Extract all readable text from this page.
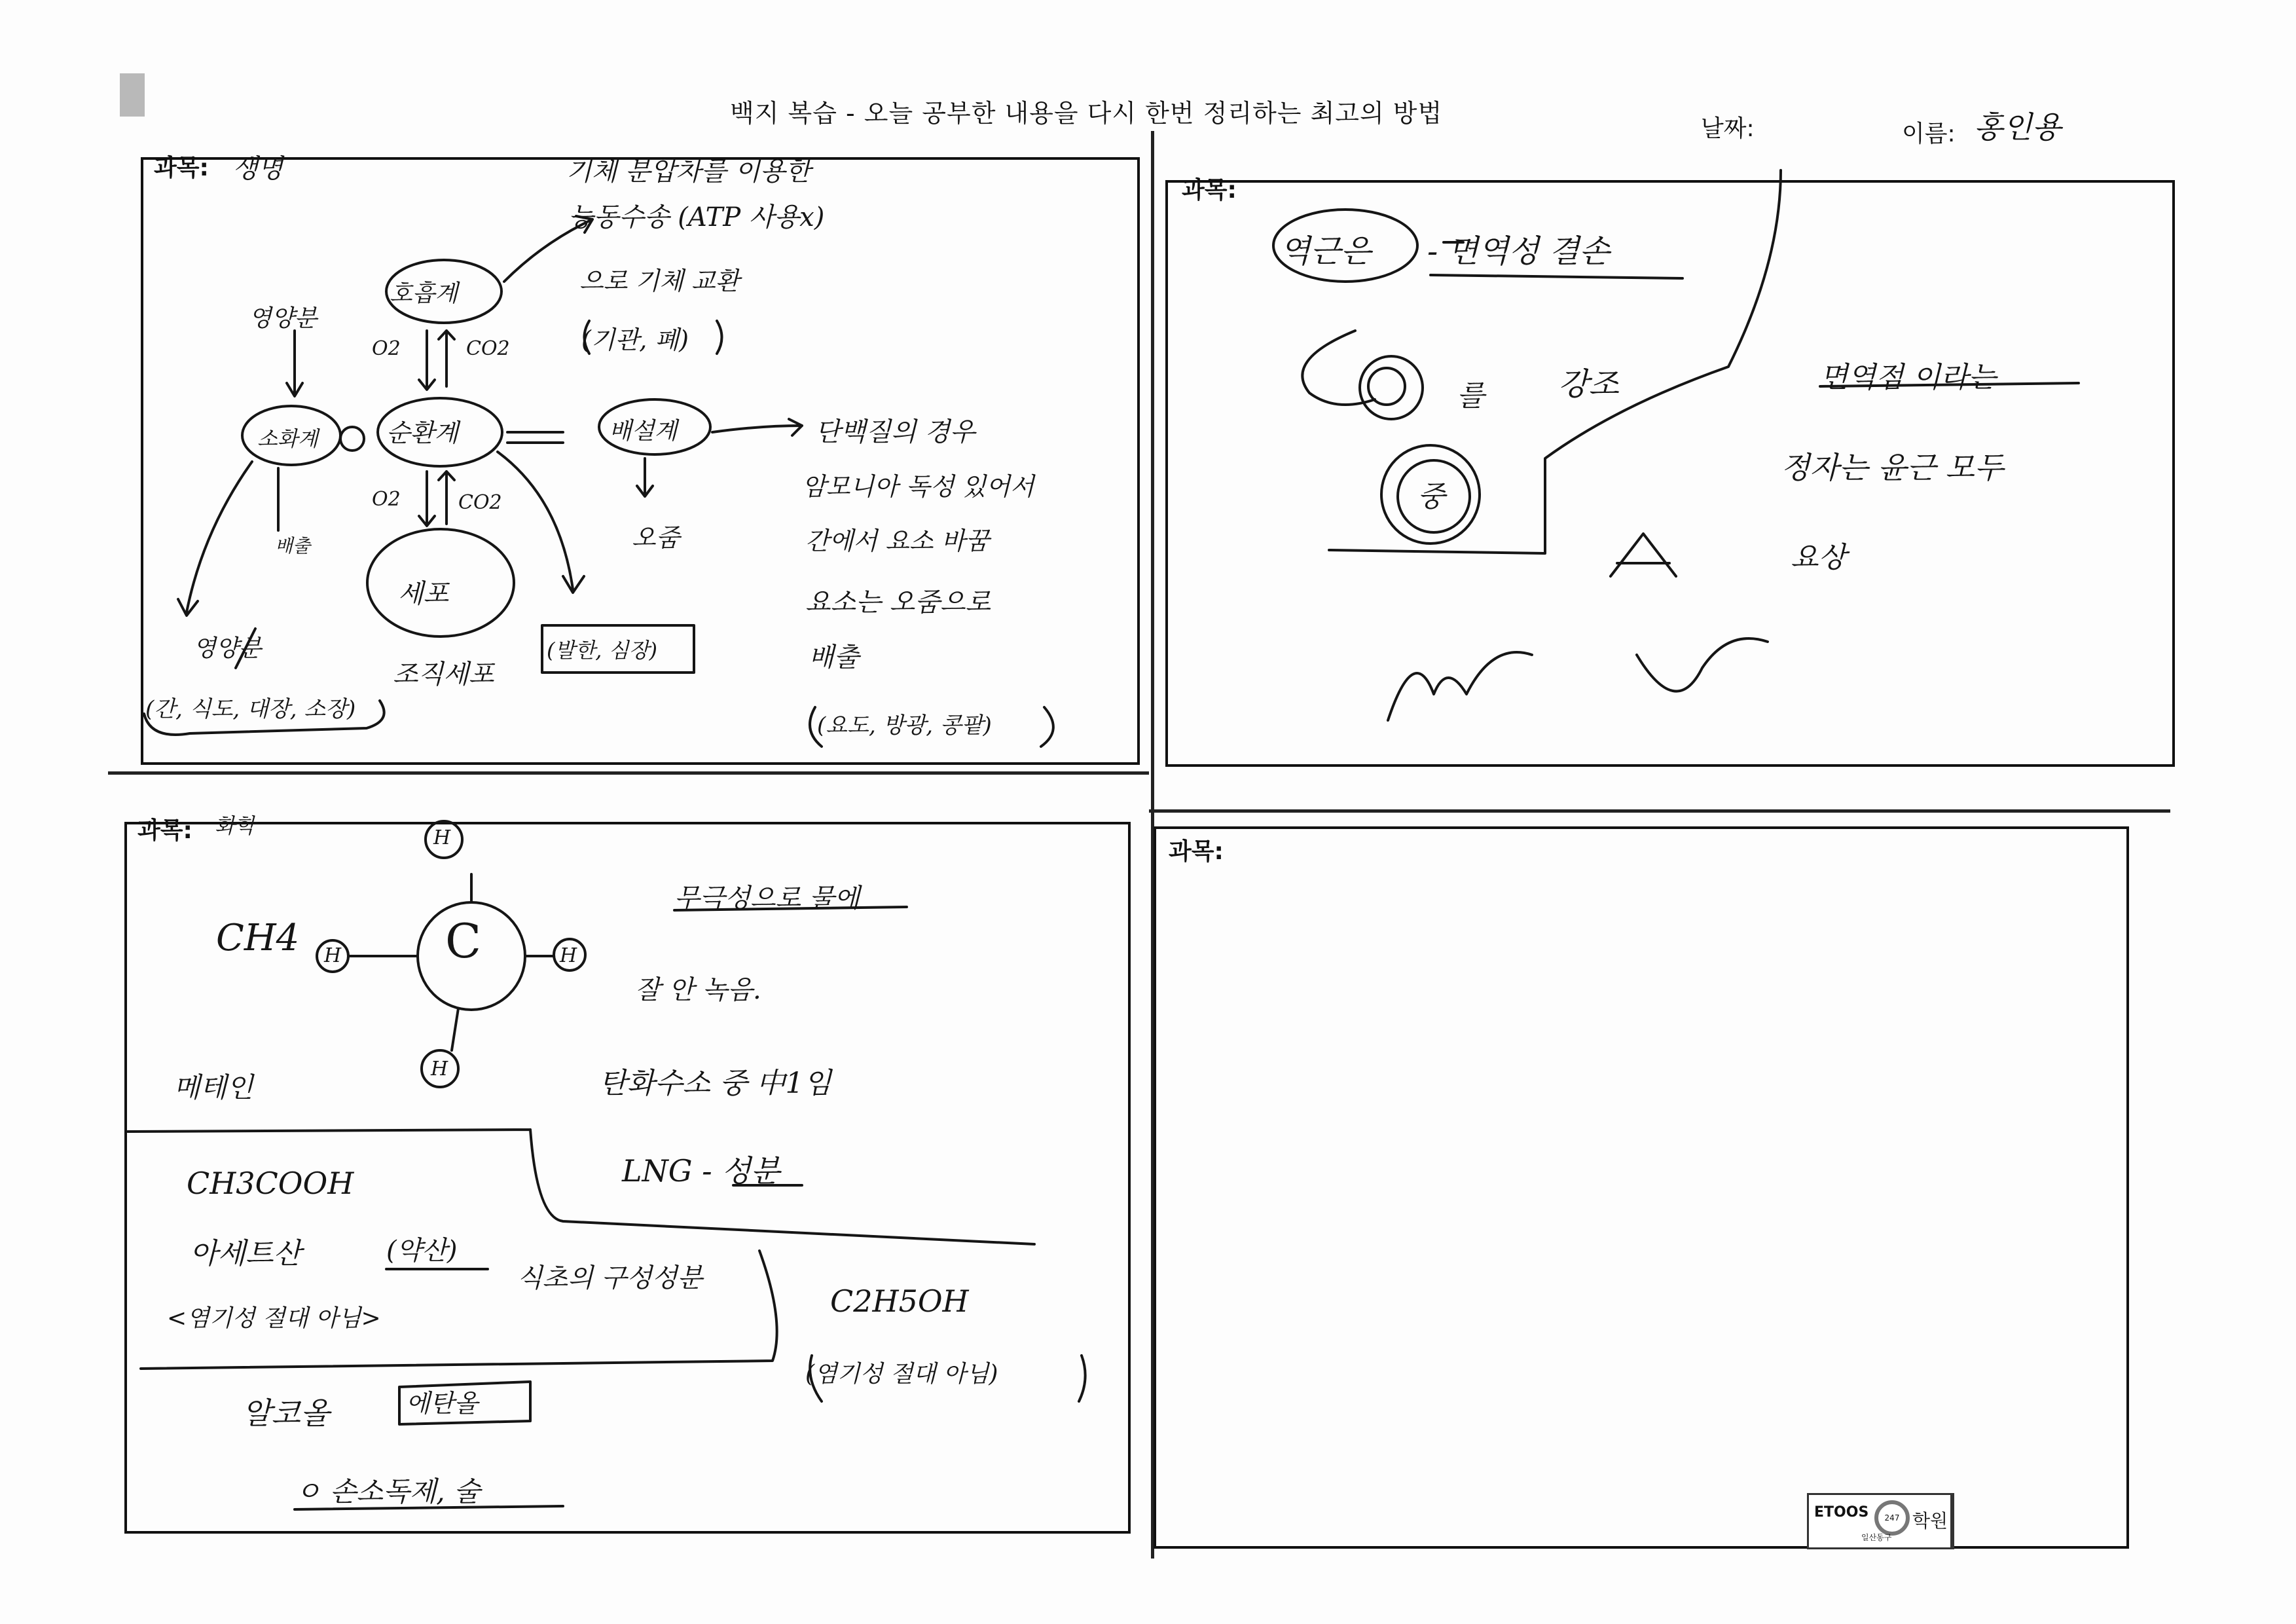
백지 복습 - 오늘 공부한 내용을 다시 한번 정리하는 최고의 방법
날짜:	이름: 홍인용
과목: 생명	기체 분압차를 이용한
능동수송 (ATP 사용x)
으로 기체 교환
(기관, 폐)
호흡계
영양분
O2	CO2
소화계	순환계	배설계	단백질의 경우
암모니아 독성 있어서
간에서 요소 바꿈
요소는 오줌으로
배출
(요도, 방광, 콩팥)
오줌
O2	CO2
세포
조직세포
(발한, 심장)
배출
영양분
(간, 식도, 대장, 소장)
과목:
역근은 - 면역성 결손
를 강조	면역점 이라는
정자는 윤근 모두
요상
중
과목: 화학
CH4	C
H
H	H
H
무극성으로 물에
잘 안 녹음.
메테인	탄화수소 중 中1임
LNG - 성분
CH3COOH
아세트산	(약산)
식초의 구성성분
<염기성 절대 아님>	C2H5OH
(염기성 절대 아님)
알코올	에탄올
ㅇ 손소독제, 술
과목:
ETOOS	247
일산동구
학원
